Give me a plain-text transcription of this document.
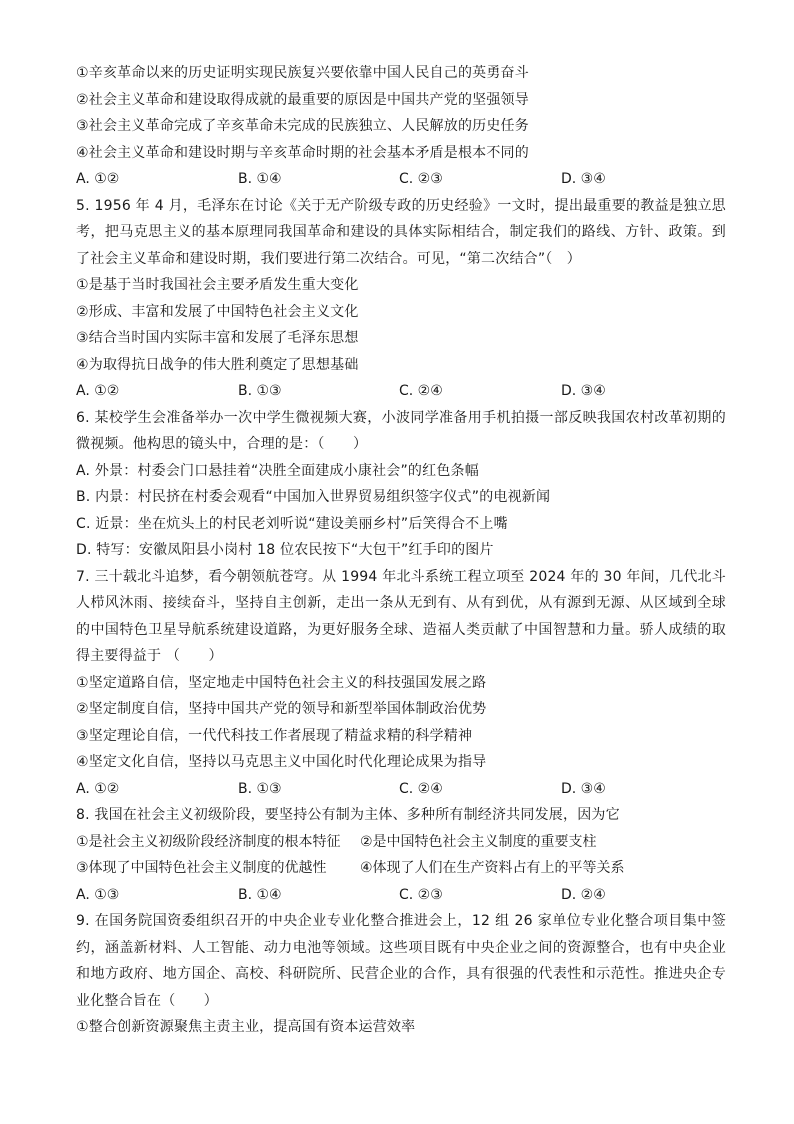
①辛亥革命以来的历史证明实现民族复兴要依靠中国人民自己的英勇奋斗
②社会主义革命和建设取得成就的最重要的原因是中国共产党的坚强领导
③社会主义革命完成了辛亥革命未完成的民族独立、人民解放的历史任务
④社会主义革命和建设时期与辛亥革命时期的社会基本矛盾是根本不同的
A. ①②	B. ①④	C. ②③	D. ③④
5. 1956 年 4 月，毛泽东在讨论《关于无产阶级专政的历史经验》一文时，提出最重要的教益是独立思考，把马克思主义的基本原理同我国革命和建设的具体实际相结合，制定我们的路线、方针、政策。到了社会主义革命和建设时期，我们要进行第二次结合。可见，“第二次结合”（　）
①是基于当时我国社会主要矛盾发生重大变化
②形成、丰富和发展了中国特色社会主义文化
③结合当时国内实际丰富和发展了毛泽东思想
④为取得抗日战争的伟大胜利奠定了思想基础
A. ①②	B. ①③	C. ②④	D. ③④
6. 某校学生会准备举办一次中学生微视频大赛，小波同学准备用手机拍摄一部反映我国农村改革初期的微视频。他构思的镜头中，合理的是：（　　）
A. 外景：村委会门口悬挂着“决胜全面建成小康社会”的红色条幅
B. 内景：村民挤在村委会观看“中国加入世界贸易组织签字仪式”的电视新闻
C. 近景：坐在炕头上的村民老刘听说“建设美丽乡村”后笑得合不上嘴
D. 特写：安徽凤阳县小岗村 18 位农民按下“大包干”红手印的图片
7. 三十载北斗追梦，看今朝领航苍穹。从 1994 年北斗系统工程立项至 2024 年的 30 年间，几代北斗人栉风沐雨、接续奋斗，坚持自主创新，走出一条从无到有、从有到优，从有源到无源、从区域到全球的中国特色卫星导航系统建设道路，为更好服务全球、造福人类贡献了中国智慧和力量。骄人成绩的取得主要得益于 （　　）
①坚定道路自信，坚定地走中国特色社会主义的科技强国发展之路
②坚定制度自信，坚持中国共产党的领导和新型举国体制政治优势
③坚定理论自信，一代代科技工作者展现了精益求精的科学精神
④坚定文化自信，坚持以马克思主义中国化时代化理论成果为指导
A. ①②	B. ①③	C. ②④	D. ③④
8. 我国在社会主义初级阶段，要坚持公有制为主体、多种所有制经济共同发展，因为它
①是社会主义初级阶段经济制度的根本特征 ②是中国特色社会主义制度的重要支柱
③体现了中国特色社会主义制度的优越性 ④体现了人们在生产资料占有上的平等关系
A. ①③	B. ①④	C. ②③	D. ②④
9. 在国务院国资委组织召开的中央企业专业化整合推进会上，12 组 26 家单位专业化整合项目集中签约，涵盖新材料、人工智能、动力电池等领域。这些项目既有中央企业之间的资源整合，也有中央企业和地方政府、地方国企、高校、科研院所、民营企业的合作，具有很强的代表性和示范性。推进央企专业化整合旨在（　　）
①整合创新资源聚焦主责主业，提高国有资本运营效率
